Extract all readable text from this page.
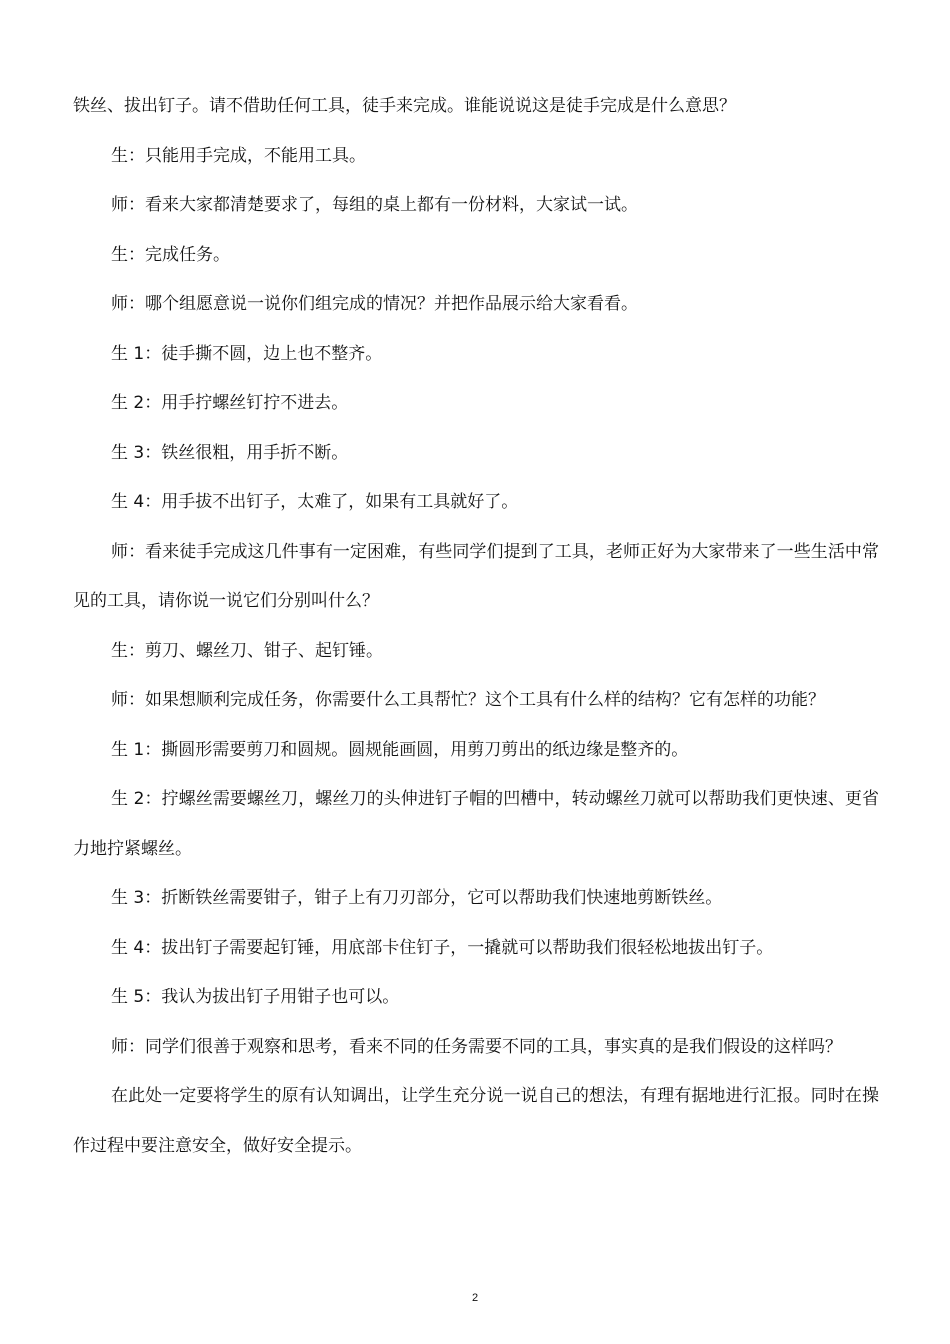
铁丝、拔出钉子。请不借助任何工具，徒手来完成。谁能说说这是徒手完成是什么意思？

生：只能用手完成，不能用工具。

师：看来大家都清楚要求了，每组的桌上都有一份材料，大家试一试。

生：完成任务。

师：哪个组愿意说一说你们组完成的情况？并把作品展示给大家看看。

生 1：徒手撕不圆，边上也不整齐。

生 2：用手拧螺丝钉拧不进去。

生 3：铁丝很粗，用手折不断。

生 4：用手拔不出钉子，太难了，如果有工具就好了。

师：看来徒手完成这几件事有一定困难，有些同学们提到了工具，老师正好为大家带来了一些生活中常见的工具，请你说一说它们分别叫什么？

生：剪刀、螺丝刀、钳子、起钉锤。

师：如果想顺利完成任务，你需要什么工具帮忙？这个工具有什么样的结构？它有怎样的功能？

生 1：撕圆形需要剪刀和圆规。圆规能画圆，用剪刀剪出的纸边缘是整齐的。

生 2：拧螺丝需要螺丝刀，螺丝刀的头伸进钉子帽的凹槽中，转动螺丝刀就可以帮助我们更快速、更省力地拧紧螺丝。

生 3：折断铁丝需要钳子，钳子上有刀刃部分，它可以帮助我们快速地剪断铁丝。

生 4：拔出钉子需要起钉锤，用底部卡住钉子，一撬就可以帮助我们很轻松地拔出钉子。

生 5：我认为拔出钉子用钳子也可以。

师：同学们很善于观察和思考，看来不同的任务需要不同的工具，事实真的是我们假设的这样吗？

在此处一定要将学生的原有认知调出，让学生充分说一说自己的想法，有理有据地进行汇报。同时在操作过程中要注意安全，做好安全提示。

2
